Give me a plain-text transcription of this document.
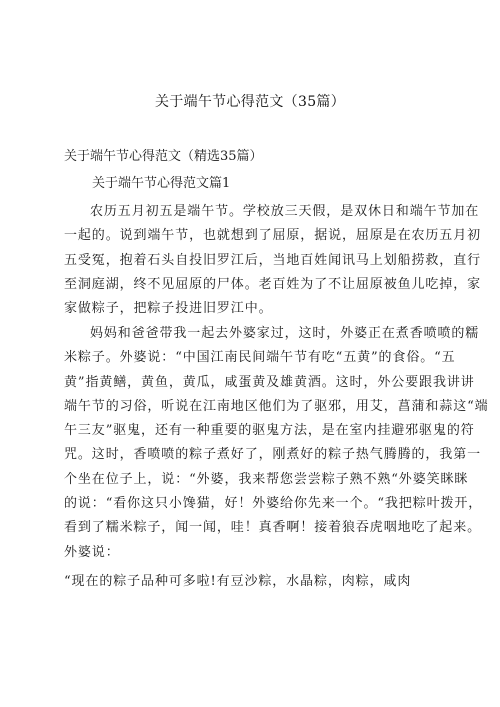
关于端午节心得范文（35篇）
关于端午节心得范文（精选35篇）
关于端午节心得范文篇1
农历五月初五是端午节。学校放三天假，是双休日和端午节加在
一起的。说到端午节，也就想到了屈原，据说，屈原是在农历五月初
五受冤，抱着石头自投旧罗江后，当地百姓闻讯马上划船捞救，直行
至洞庭湖，终不见屈原的尸体。老百姓为了不让屈原被鱼儿吃掉，家
家做粽子，把粽子投进旧罗江中。
妈妈和爸爸带我一起去外婆家过，这时，外婆正在煮香喷喷的糯
米粽子。外婆说：“中国江南民间端午节有吃“五黄”的食俗。“五
黄”指黄鳝，黄鱼，黄瓜，咸蛋黄及雄黄酒。这时，外公要跟我讲讲
端午节的习俗，听说在江南地区他们为了驱邪，用艾，菖蒲和蒜这“端
午三友”驱鬼，还有一种重要的驱鬼方法，是在室内挂避邪驱鬼的符
咒。这时，香喷喷的粽子煮好了，刚煮好的粽子热气腾腾的，我第一
个坐在位子上，说：“外婆，我来帮您尝尝粽子熟不熟“外婆笑眯眯
的说：“看你这只小馋猫，好！外婆给你先来一个。“我把粽叶拨开，
看到了糯米粽子，闻一闻，哇！真香啊！接着狼吞虎咽地吃了起来。
外婆说：
“现在的粽子品种可多啦!有豆沙粽，水晶粽，肉粽，咸肉
